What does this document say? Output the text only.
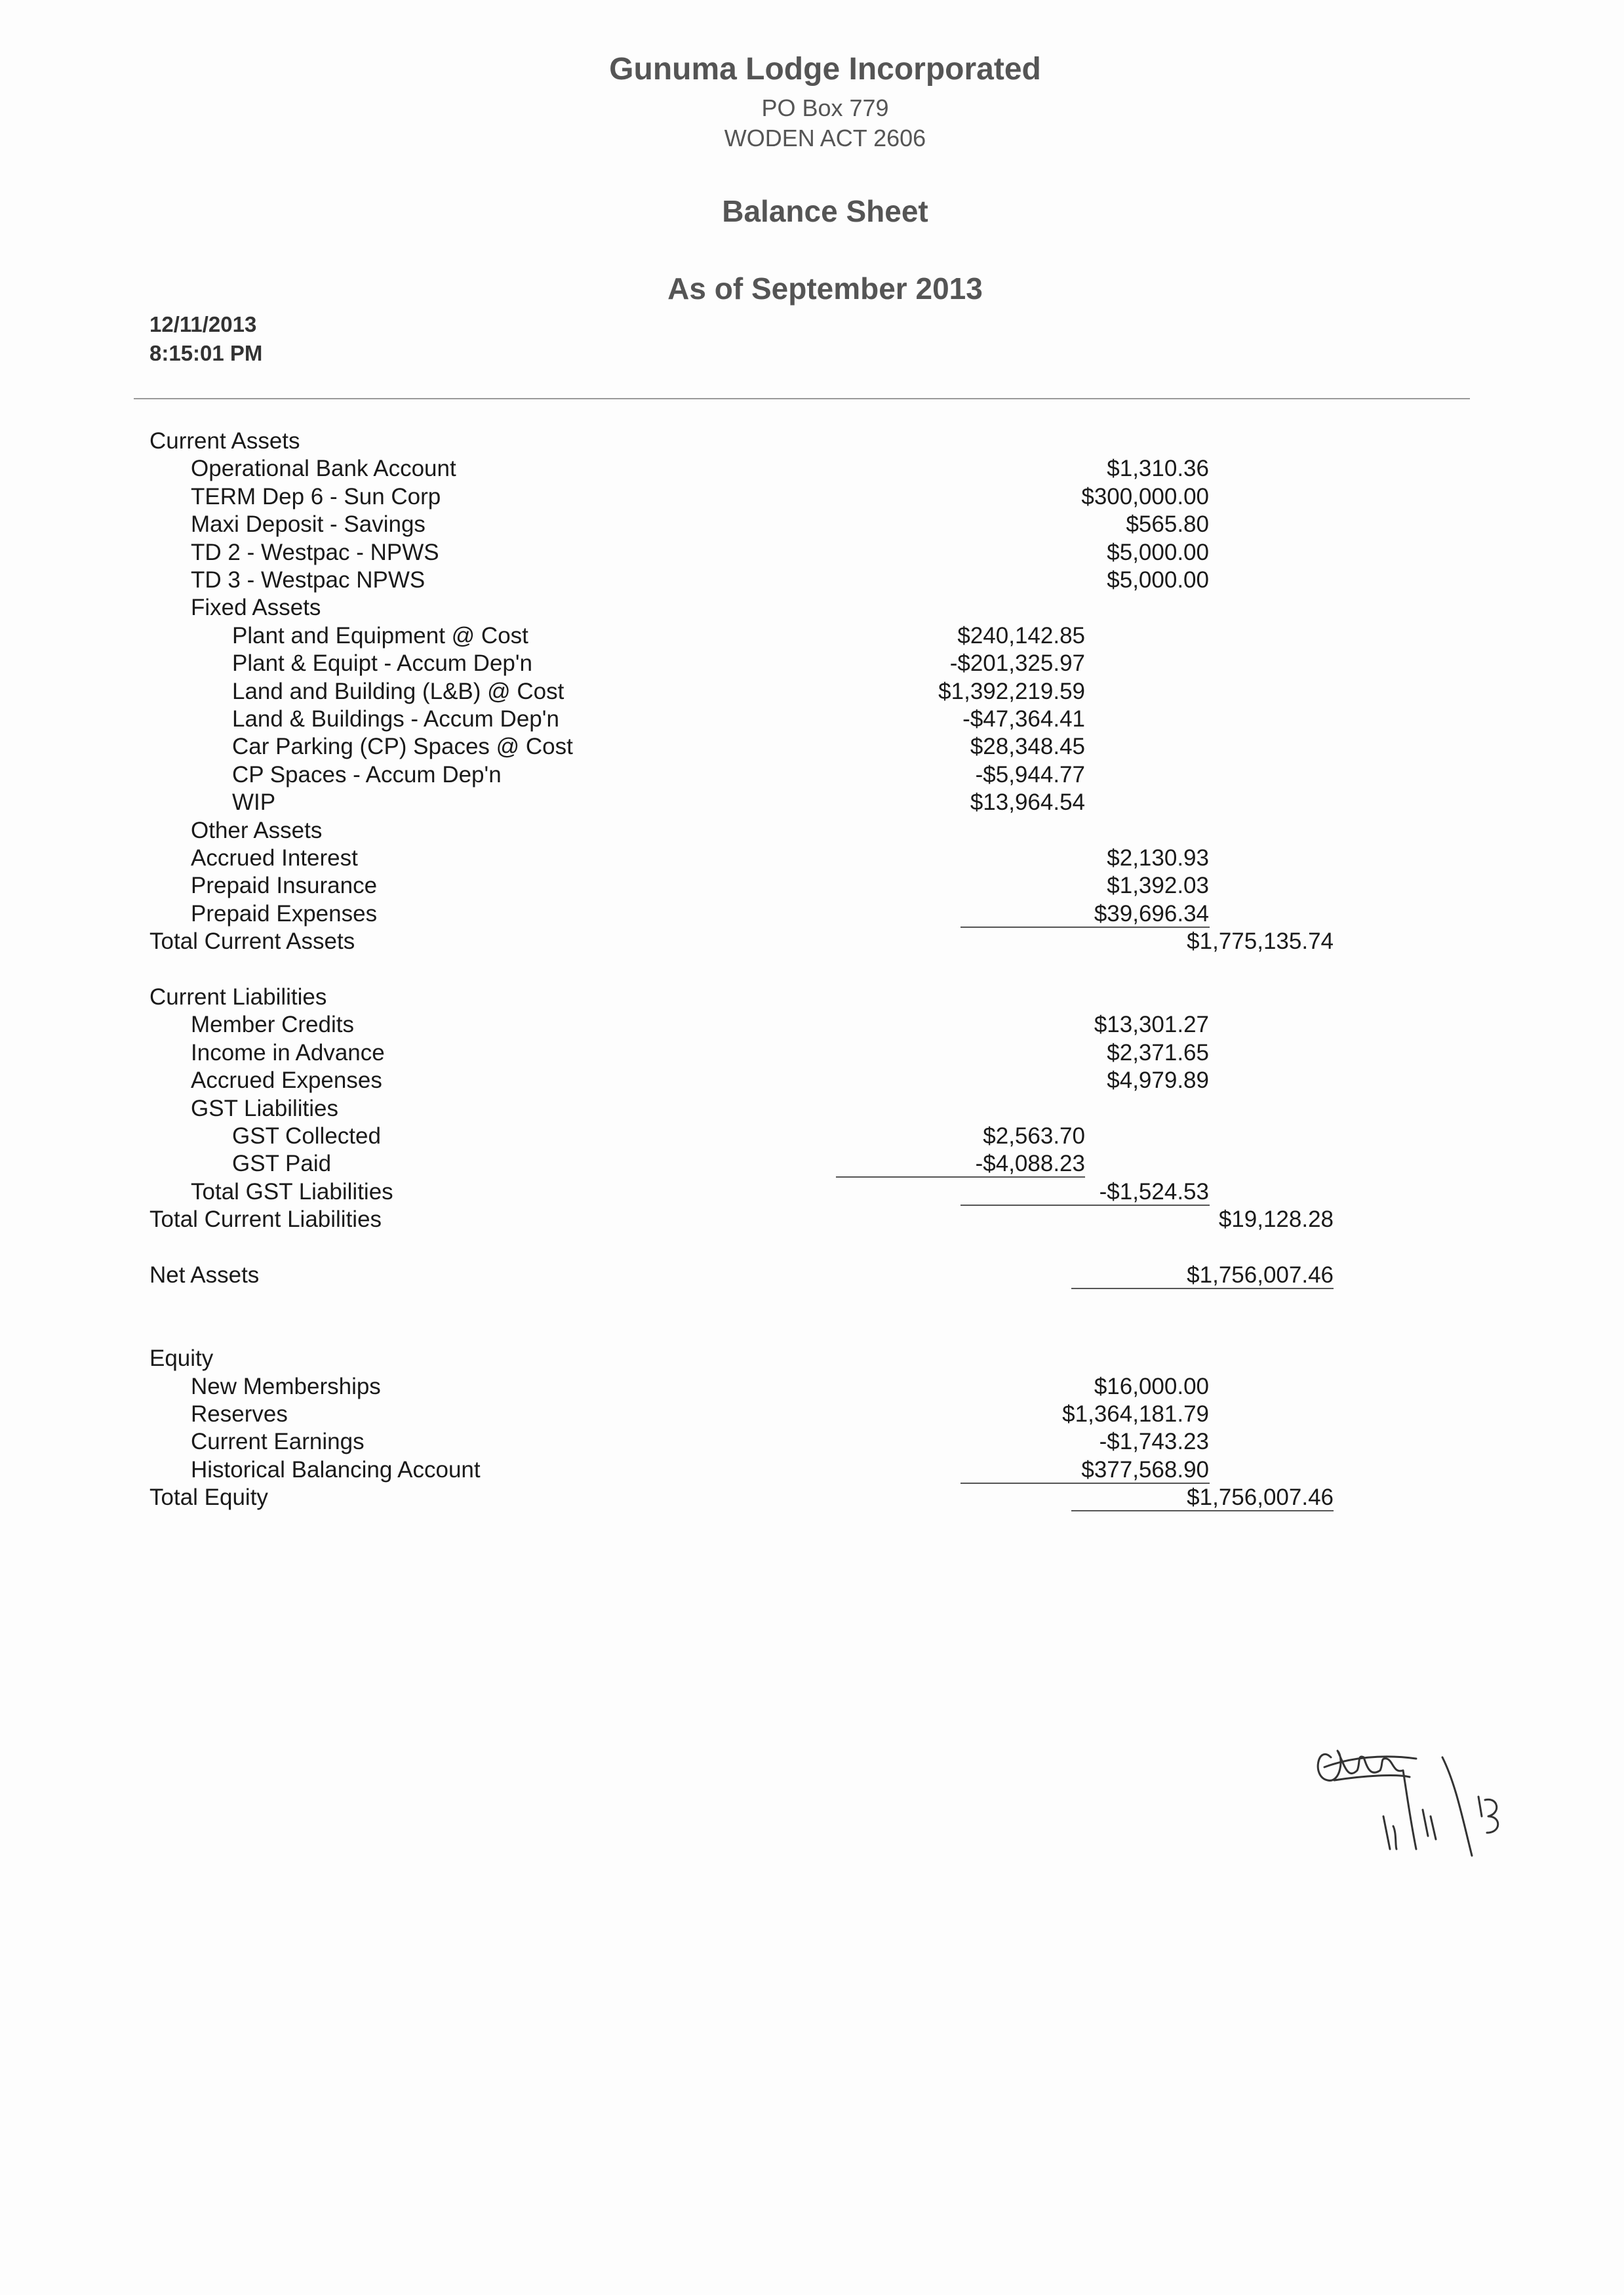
Gunuma Lodge Incorporated
PO Box 779
WODEN ACT 2606
Balance Sheet
As of September 2013
12/11/2013
8:15:01 PM
Current Assets
Operational Bank Account	$1,310.36
TERM Dep 6 - Sun Corp	$300,000.00
Maxi Deposit - Savings	$565.80
TD 2 - Westpac - NPWS	$5,000.00
TD 3 - Westpac NPWS	$5,000.00
Fixed Assets
Plant and Equipment @ Cost	$240,142.85
Plant & Equipt - Accum Dep'n	-$201,325.97
Land and Building (L&B) @ Cost	$1,392,219.59
Land & Buildings - Accum Dep'n	-$47,364.41
Car Parking (CP) Spaces @ Cost	$28,348.45
CP Spaces - Accum Dep'n	-$5,944.77
WIP	$13,964.54
Other Assets
Accrued Interest	$2,130.93
Prepaid Insurance	$1,392.03
Prepaid Expenses	$39,696.34
Total Current Assets	$1,775,135.74
Current Liabilities
Member Credits	$13,301.27
Income in Advance	$2,371.65
Accrued Expenses	$4,979.89
GST Liabilities
GST Collected	$2,563.70
GST Paid	-$4,088.23
Total GST Liabilities	-$1,524.53
Total Current Liabilities	$19,128.28
Net Assets	$1,756,007.46
Equity
New Memberships	$16,000.00
Reserves	$1,364,181.79
Current Earnings	-$1,743.23
Historical Balancing Account	$377,568.90
Total Equity	$1,756,007.46
